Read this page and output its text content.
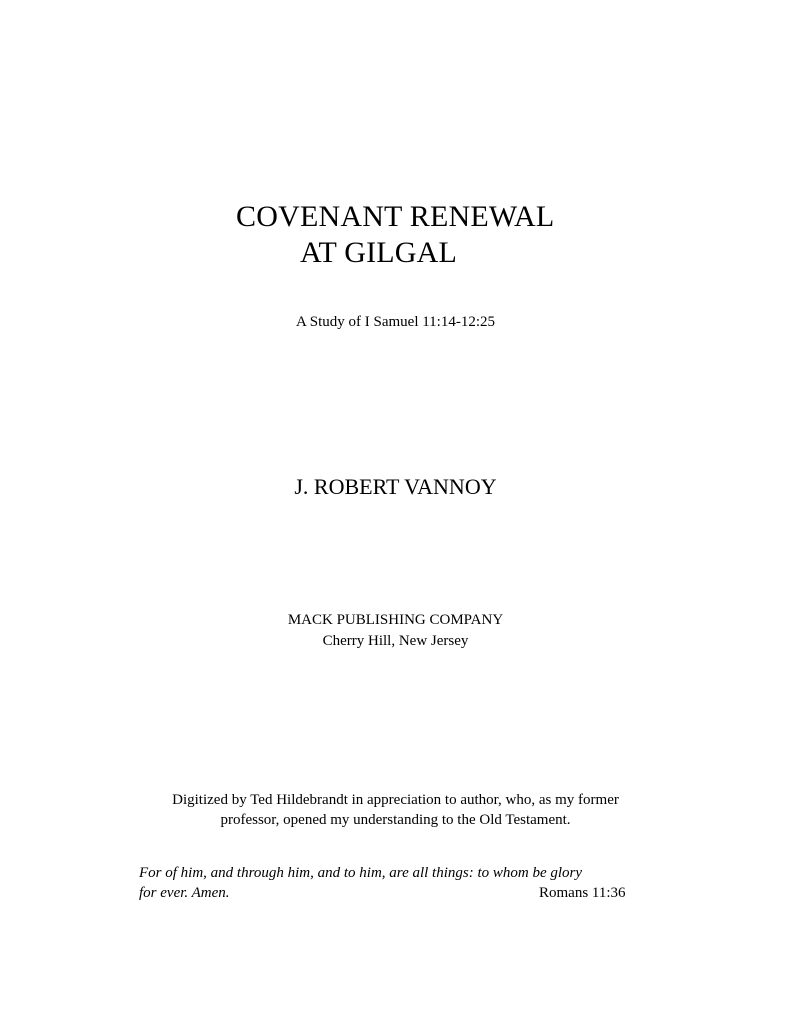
COVENANT RENEWAL
AT GILGAL

A Study of I Samuel 11:14-12:25

J. ROBERT VANNOY

MACK PUBLISHING COMPANY

Cherry Hill, New Jersey

Digitized by Ted Hildebrandt in appreciation to author, who, as my former

professor, opened my understanding to the Old Testament.

For of him, and through him, and to him, are all things: to whom be glory

for ever. Amen.	Romans 11:36
